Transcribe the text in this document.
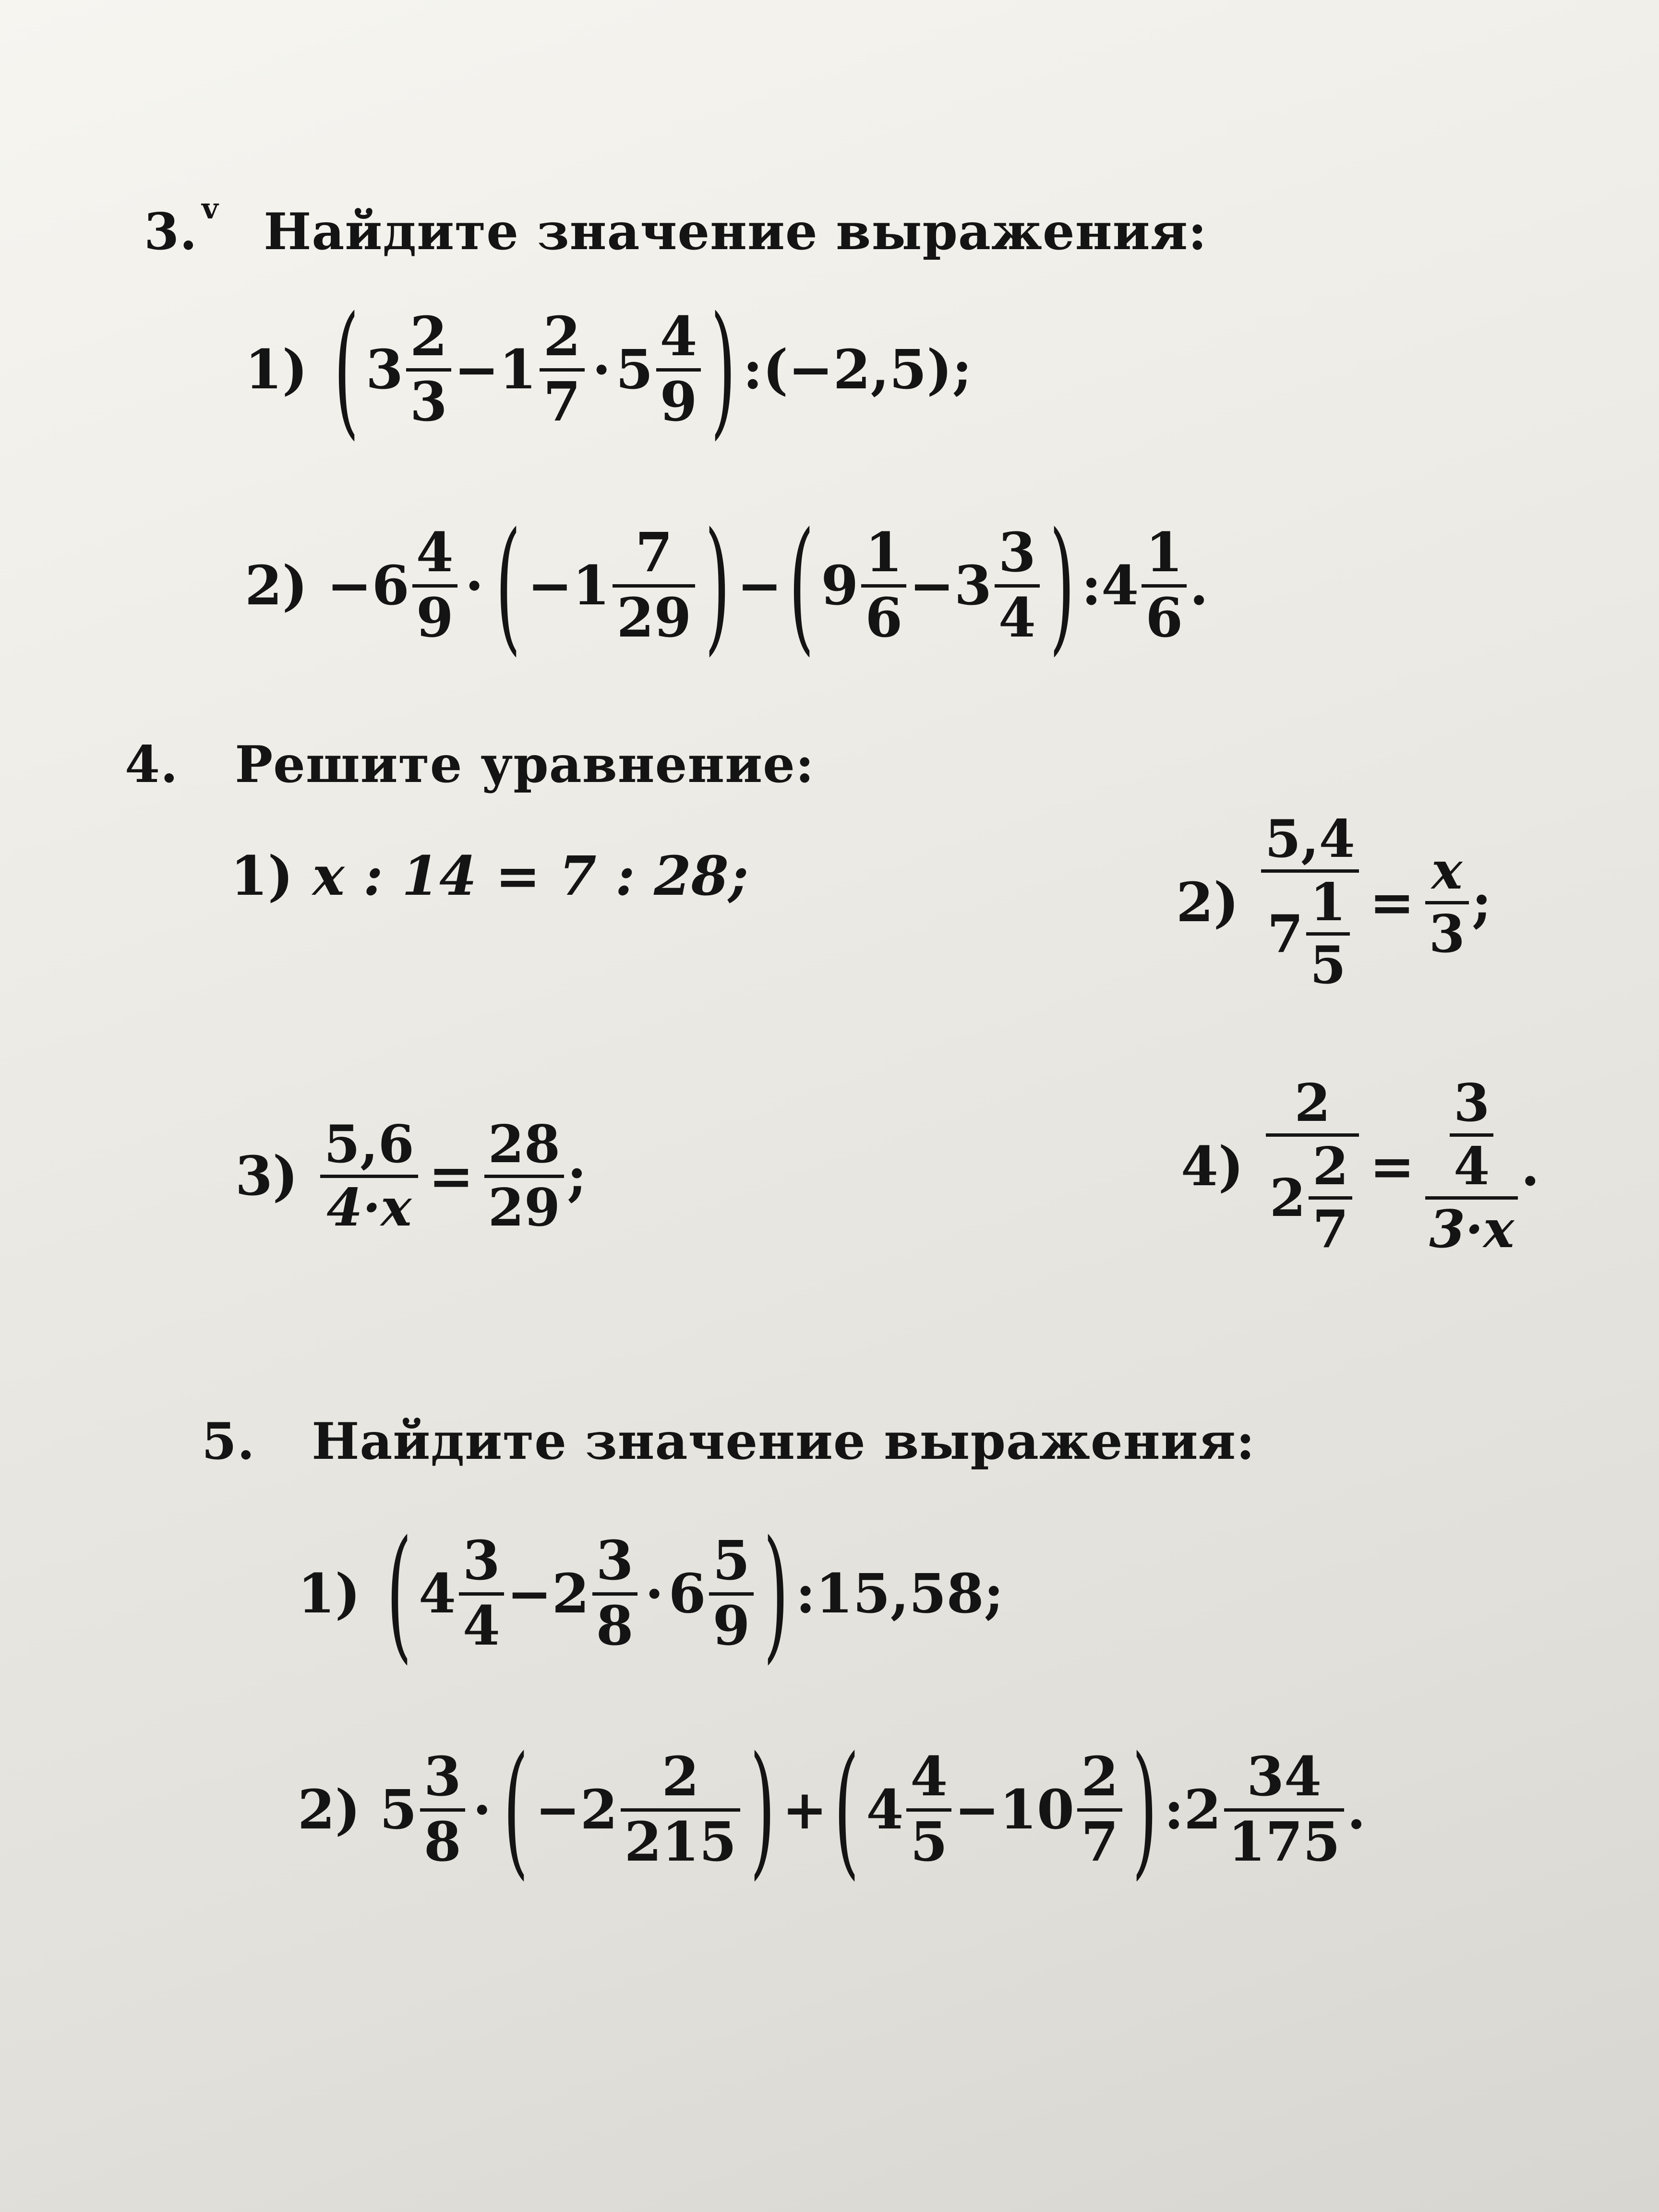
3. v Найдите значение выражения:
1) ( 3
2
3
− 1
2
7
· 5
4
9 ) :(−2,5);
2) −6
4
9
· ( −1
7
29 ) − ( 9
1
6
− 3
3
4 ) : 4
1
6
.
4. Решите уравнение:
1) x : 14 = 7 : 28;	2)
5,4
7
1
5
=
x
3 ;
3)
5,6
4·x =
28
29 ;	4)
2
2
2
7
=
3
4
3·x
.
5. Найдите значение выражения:
1) ( 4
3
4
− 2
3
8
· 6
5
9 ) :15,58;
2) 5
3
8
· ( −2
2
215 ) + ( 4
4
5
− 10
2
7 ) : 2
34
175
.
